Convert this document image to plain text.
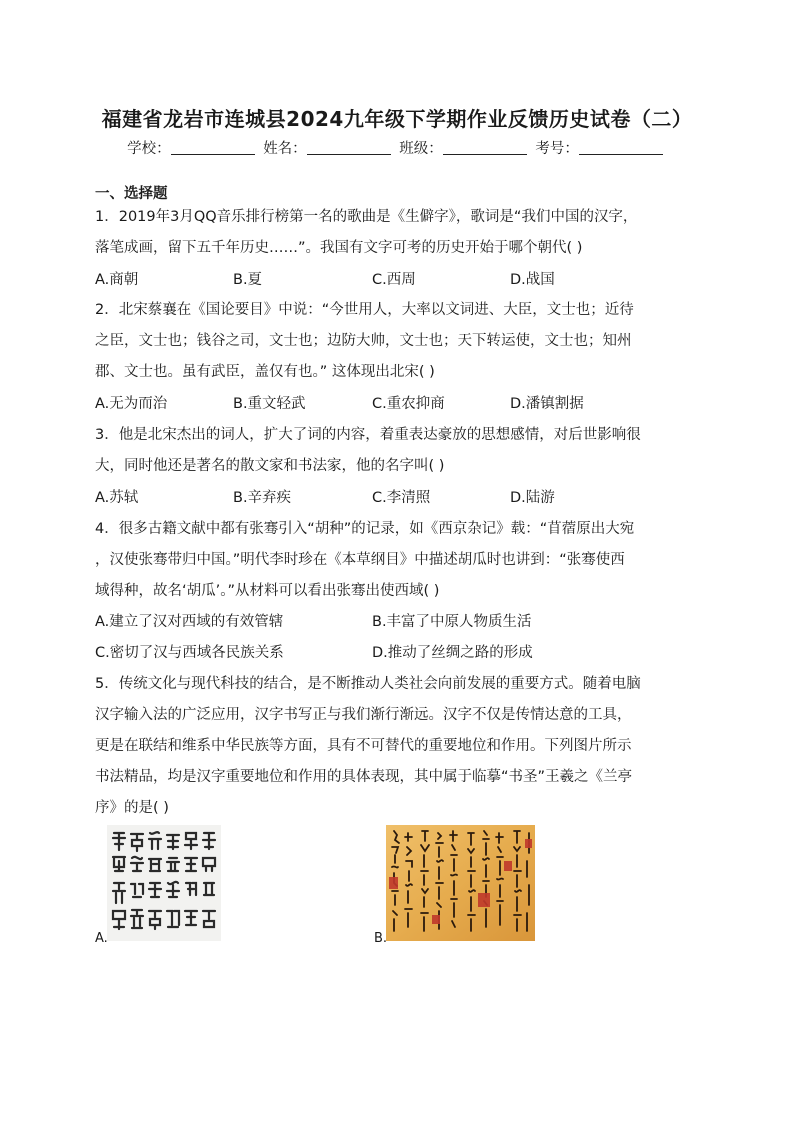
福建省龙岩市连城县2024九年级下学期作业反馈历史试卷（二）
学校：	姓名：	班级：	考号：
一、选择题
1．2019年3月QQ音乐排行榜第一名的歌曲是《生僻字》，歌词是“我们中国的汉字，
落笔成画，留下五千年历史……”。我国有文字可考的历史开始于哪个朝代( )
A.商朝	B.夏	C.西周	D.战国
2．北宋蔡襄在《国论要目》中说：“今世用人，大率以文词进、大臣，文士也；近待
之臣，文士也；钱谷之司，文士也；边防大帅，文士也；天下转运使，文士也；知州
郡、文士也。虽有武臣，盖仅有也。” 这体现出北宋( )
A.无为而治	B.重文轻武	C.重农抑商	D.潘镇割据
3．他是北宋杰出的词人，扩大了词的内容，着重表达豪放的思想感情，对后世影响很
大，同时他还是著名的散文家和书法家，他的名字叫( )
A.苏轼	B.辛弃疾	C.李清照	D.陆游
4．很多古籍文献中都有张骞引入“胡种”的记录，如《西京杂记》载：“苜蓿原出大宛
，汉使张骞带归中国。”明代李时珍在《本草纲目》中描述胡瓜时也讲到：“张骞使西
域得种，故名‘胡瓜’。”从材料可以看出张骞出使西域( )
A.建立了汉对西域的有效管辖	B.丰富了中原人物质生活
C.密切了汉与西域各民族关系	D.推动了丝绸之路的形成
5．传统文化与现代科技的结合，是不断推动人类社会向前发展的重要方式。随着电脑
汉字输入法的广泛应用，汉字书写正与我们渐行渐远。汉字不仅是传情达意的工具，
更是在联结和维系中华民族等方面，具有不可替代的重要地位和作用。下列图片所示
书法精品，均是汉字重要地位和作用的具体表现，其中属于临摹“书圣”王羲之《兰亭
序》的是( )
A.	B.
